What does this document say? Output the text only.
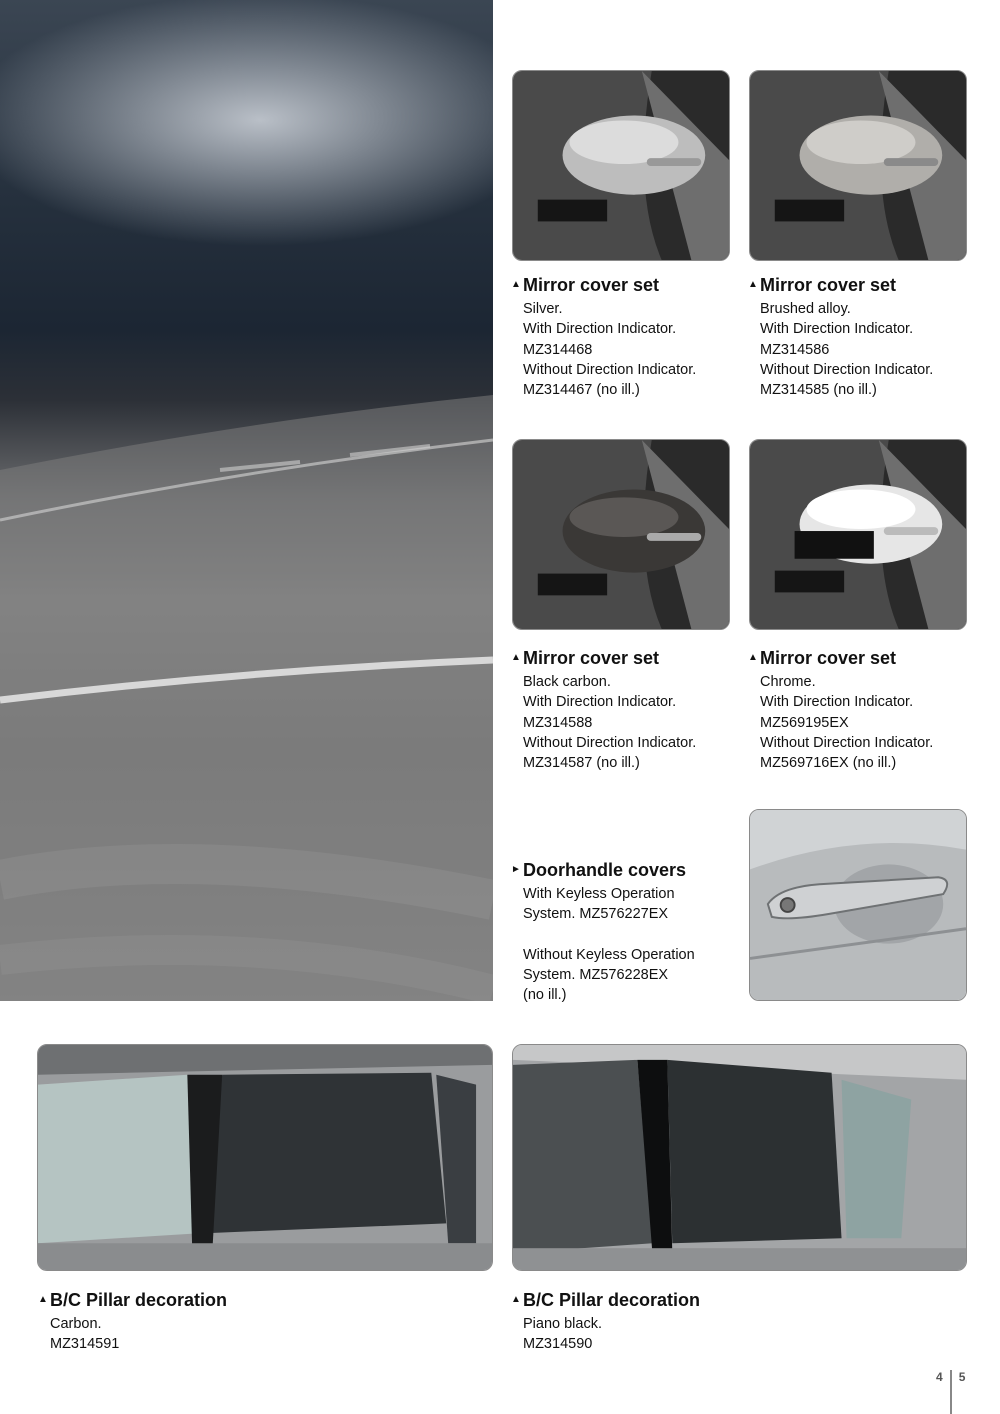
▲ Mirror cover set
Silver.
With Direction Indicator.
MZ314468
Without Direction Indicator.
MZ314467 (no ill.)
▲ Mirror cover set
Brushed alloy.
With Direction Indicator.
MZ314586
Without Direction Indicator.
MZ314585 (no ill.)
▲ Mirror cover set
Black carbon.
With Direction Indicator.
MZ314588
Without Direction Indicator.
MZ314587 (no ill.)
▲ Mirror cover set
Chrome.
With Direction Indicator.
MZ569195EX
Without Direction Indicator.
MZ569716EX (no ill.)
► Doorhandle covers
With Keyless Operation
System. MZ576227EX
Without Keyless Operation
System. MZ576228EX
(no ill.)
▲ B/C Pillar decoration
Carbon.
MZ314591
▲ B/C Pillar decoration
Piano black.
MZ314590
4 5
